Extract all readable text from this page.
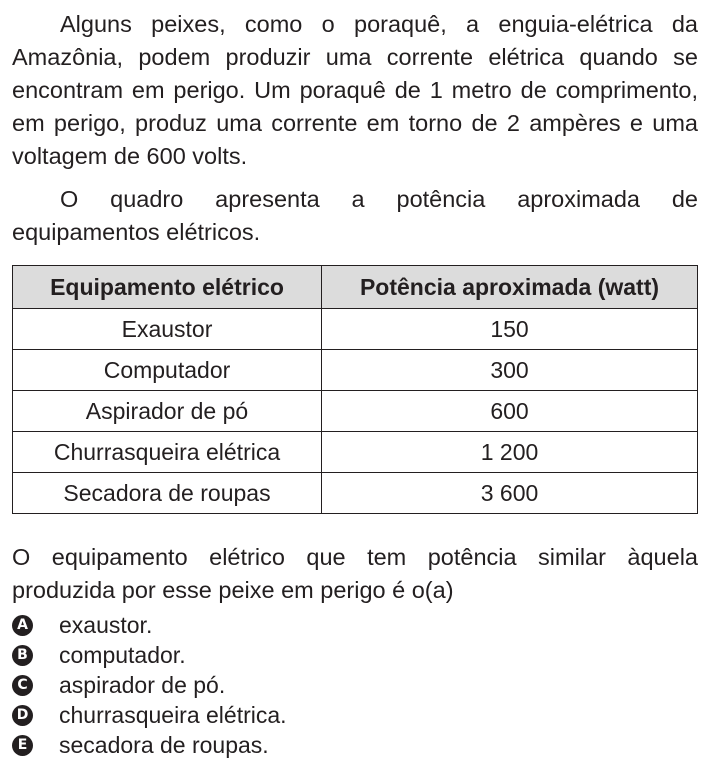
Alguns peixes, como o poraquê, a enguia-elétrica da Amazônia, podem produzir uma corrente elétrica quando se encontram em perigo. Um poraquê de 1 metro de comprimento, em perigo, produz uma corrente em torno de 2 ampères e uma voltagem de 600 volts.

O quadro apresenta a potência aproximada de equipamentos elétricos.

Equipamento elétrico	Potência aproximada (watt)
Exaustor	150
Computador	300
Aspirador de pó	600
Churrasqueira elétrica	1 200
Secadora de roupas	3 600

O equipamento elétrico que tem potência similar àquela produzida por esse peixe em perigo é o(a)

A exaustor.
B computador.
C aspirador de pó.
D churrasqueira elétrica.
E secadora de roupas.
